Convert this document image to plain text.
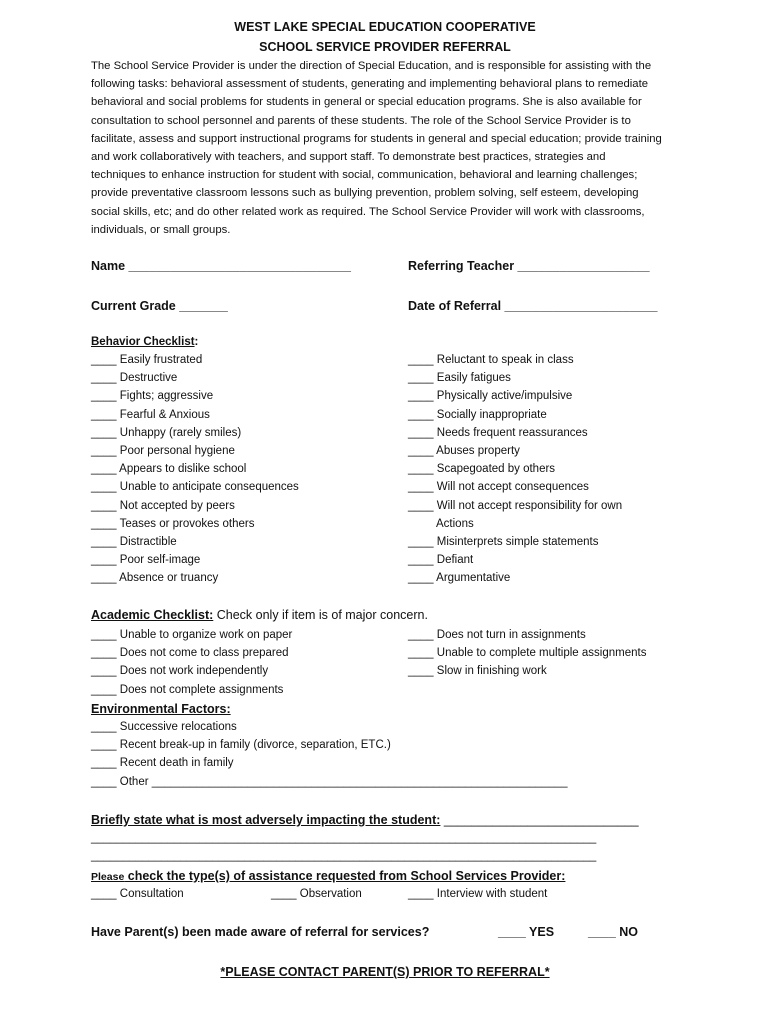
WEST LAKE SPECIAL EDUCATION COOPERATIVE
SCHOOL SERVICE PROVIDER REFERRAL
The School Service Provider is under the direction of Special Education, and is responsible for assisting with the following tasks: behavioral assessment of students, generating and implementing behavioral plans to remediate behavioral and social problems for students in general or special education programs. She is also available for consultation to school personnel and parents of these students. The role of the School Service Provider is to facilitate, assess and support instructional programs for students in general and special education; provide training and work collaboratively with teachers, and support staff. To demonstrate best practices, strategies and techniques to enhance instruction for student with social, communication, behavioral and learning challenges; provide preventative classroom lessons such as bullying prevention, problem solving, self esteem, developing social skills, etc; and do other related work as required. The School Service Provider will work with classrooms, individuals, or small groups.
Name ________________________________	Referring Teacher ___________________
Current Grade _______	Date of Referral ______________________
Behavior Checklist:
____ Easily frustrated
____ Destructive
____ Fights; aggressive
____ Fearful & Anxious
____ Unhappy (rarely smiles)
____ Poor personal hygiene
____ Appears to dislike school
____ Unable to anticipate consequences
____ Not accepted by peers
____ Teases or provokes others
____ Distractible
____ Poor self-image
____ Absence or truancy
____ Reluctant to speak in class
____ Easily fatigues
____ Physically active/impulsive
____ Socially inappropriate
____ Needs frequent reassurances
____ Abuses property
____ Scapegoated by others
____ Will not accept consequences
____ Will not accept responsibility for own
Actions
____ Misinterprets simple statements
____ Defiant
____ Argumentative
Academic Checklist: Check only if item is of major concern.
____ Unable to organize work on paper
____ Does not come to class prepared
____ Does not work independently
____ Does not complete assignments
____ Does not turn in assignments
____ Unable to complete multiple assignments
____ Slow in finishing work
Environmental Factors:
____ Successive relocations
____ Recent break-up in family (divorce, separation, ETC.)
____ Recent death in family
____ Other _________________________________________________________________
Briefly state what is most adversely impacting the student: ____________________________
_______________________________________________________________________________
_______________________________________________________________________________
Please check the type(s) of assistance requested from School Services Provider:
____ Consultation	____ Observation	____ Interview with student
Have Parent(s) been made aware of referral for services?	____ YES	____ NO
*PLEASE CONTACT PARENT(S) PRIOR TO REFERRAL*
